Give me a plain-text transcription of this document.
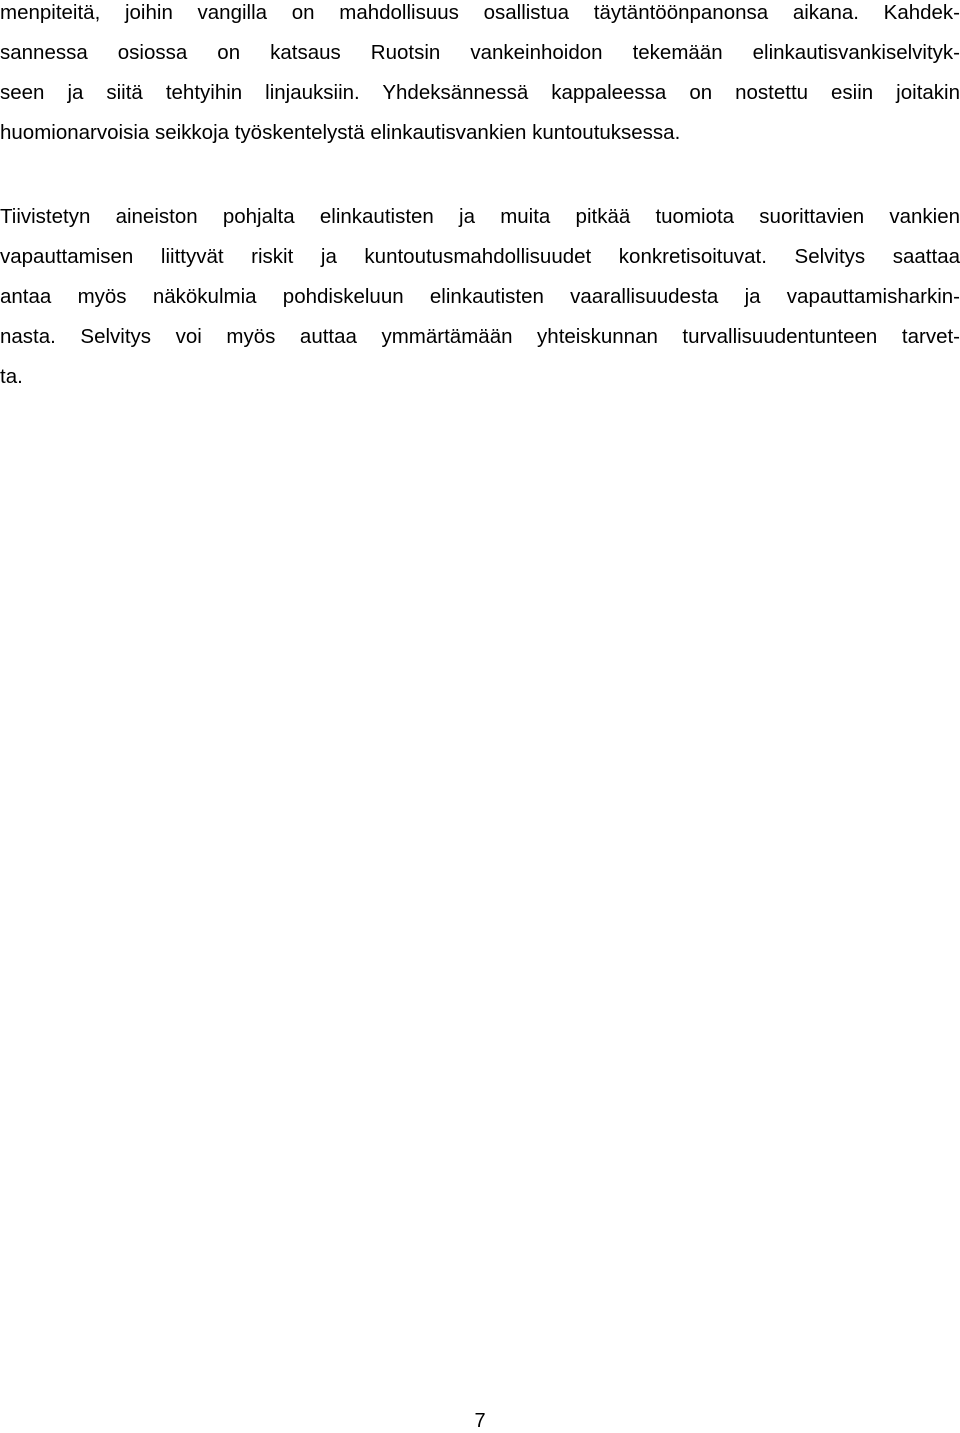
menpiteitä, joihin vangilla on mahdollisuus osallistua täytäntöönpanonsa aikana. Kahdek-
sannessa osiossa on katsaus Ruotsin vankeinhoidon tekemään elinkautisvankiselvityk-
seen ja siitä tehtyihin linjauksiin. Yhdeksännessä kappaleessa on nostettu esiin joitakin
huomionarvoisia seikkoja työskentelystä elinkautisvankien kuntoutuksessa.
Tiivistetyn aineiston pohjalta elinkautisten ja muita pitkää tuomiota suorittavien vankien
vapauttamisen liittyvät riskit ja kuntoutusmahdollisuudet konkretisoituvat. Selvitys saattaa
antaa myös näkökulmia pohdiskeluun elinkautisten vaarallisuudesta ja vapauttamisharkin-
nasta. Selvitys voi myös auttaa ymmärtämään yhteiskunnan turvallisuudentunteen tarvet-
ta.
7
